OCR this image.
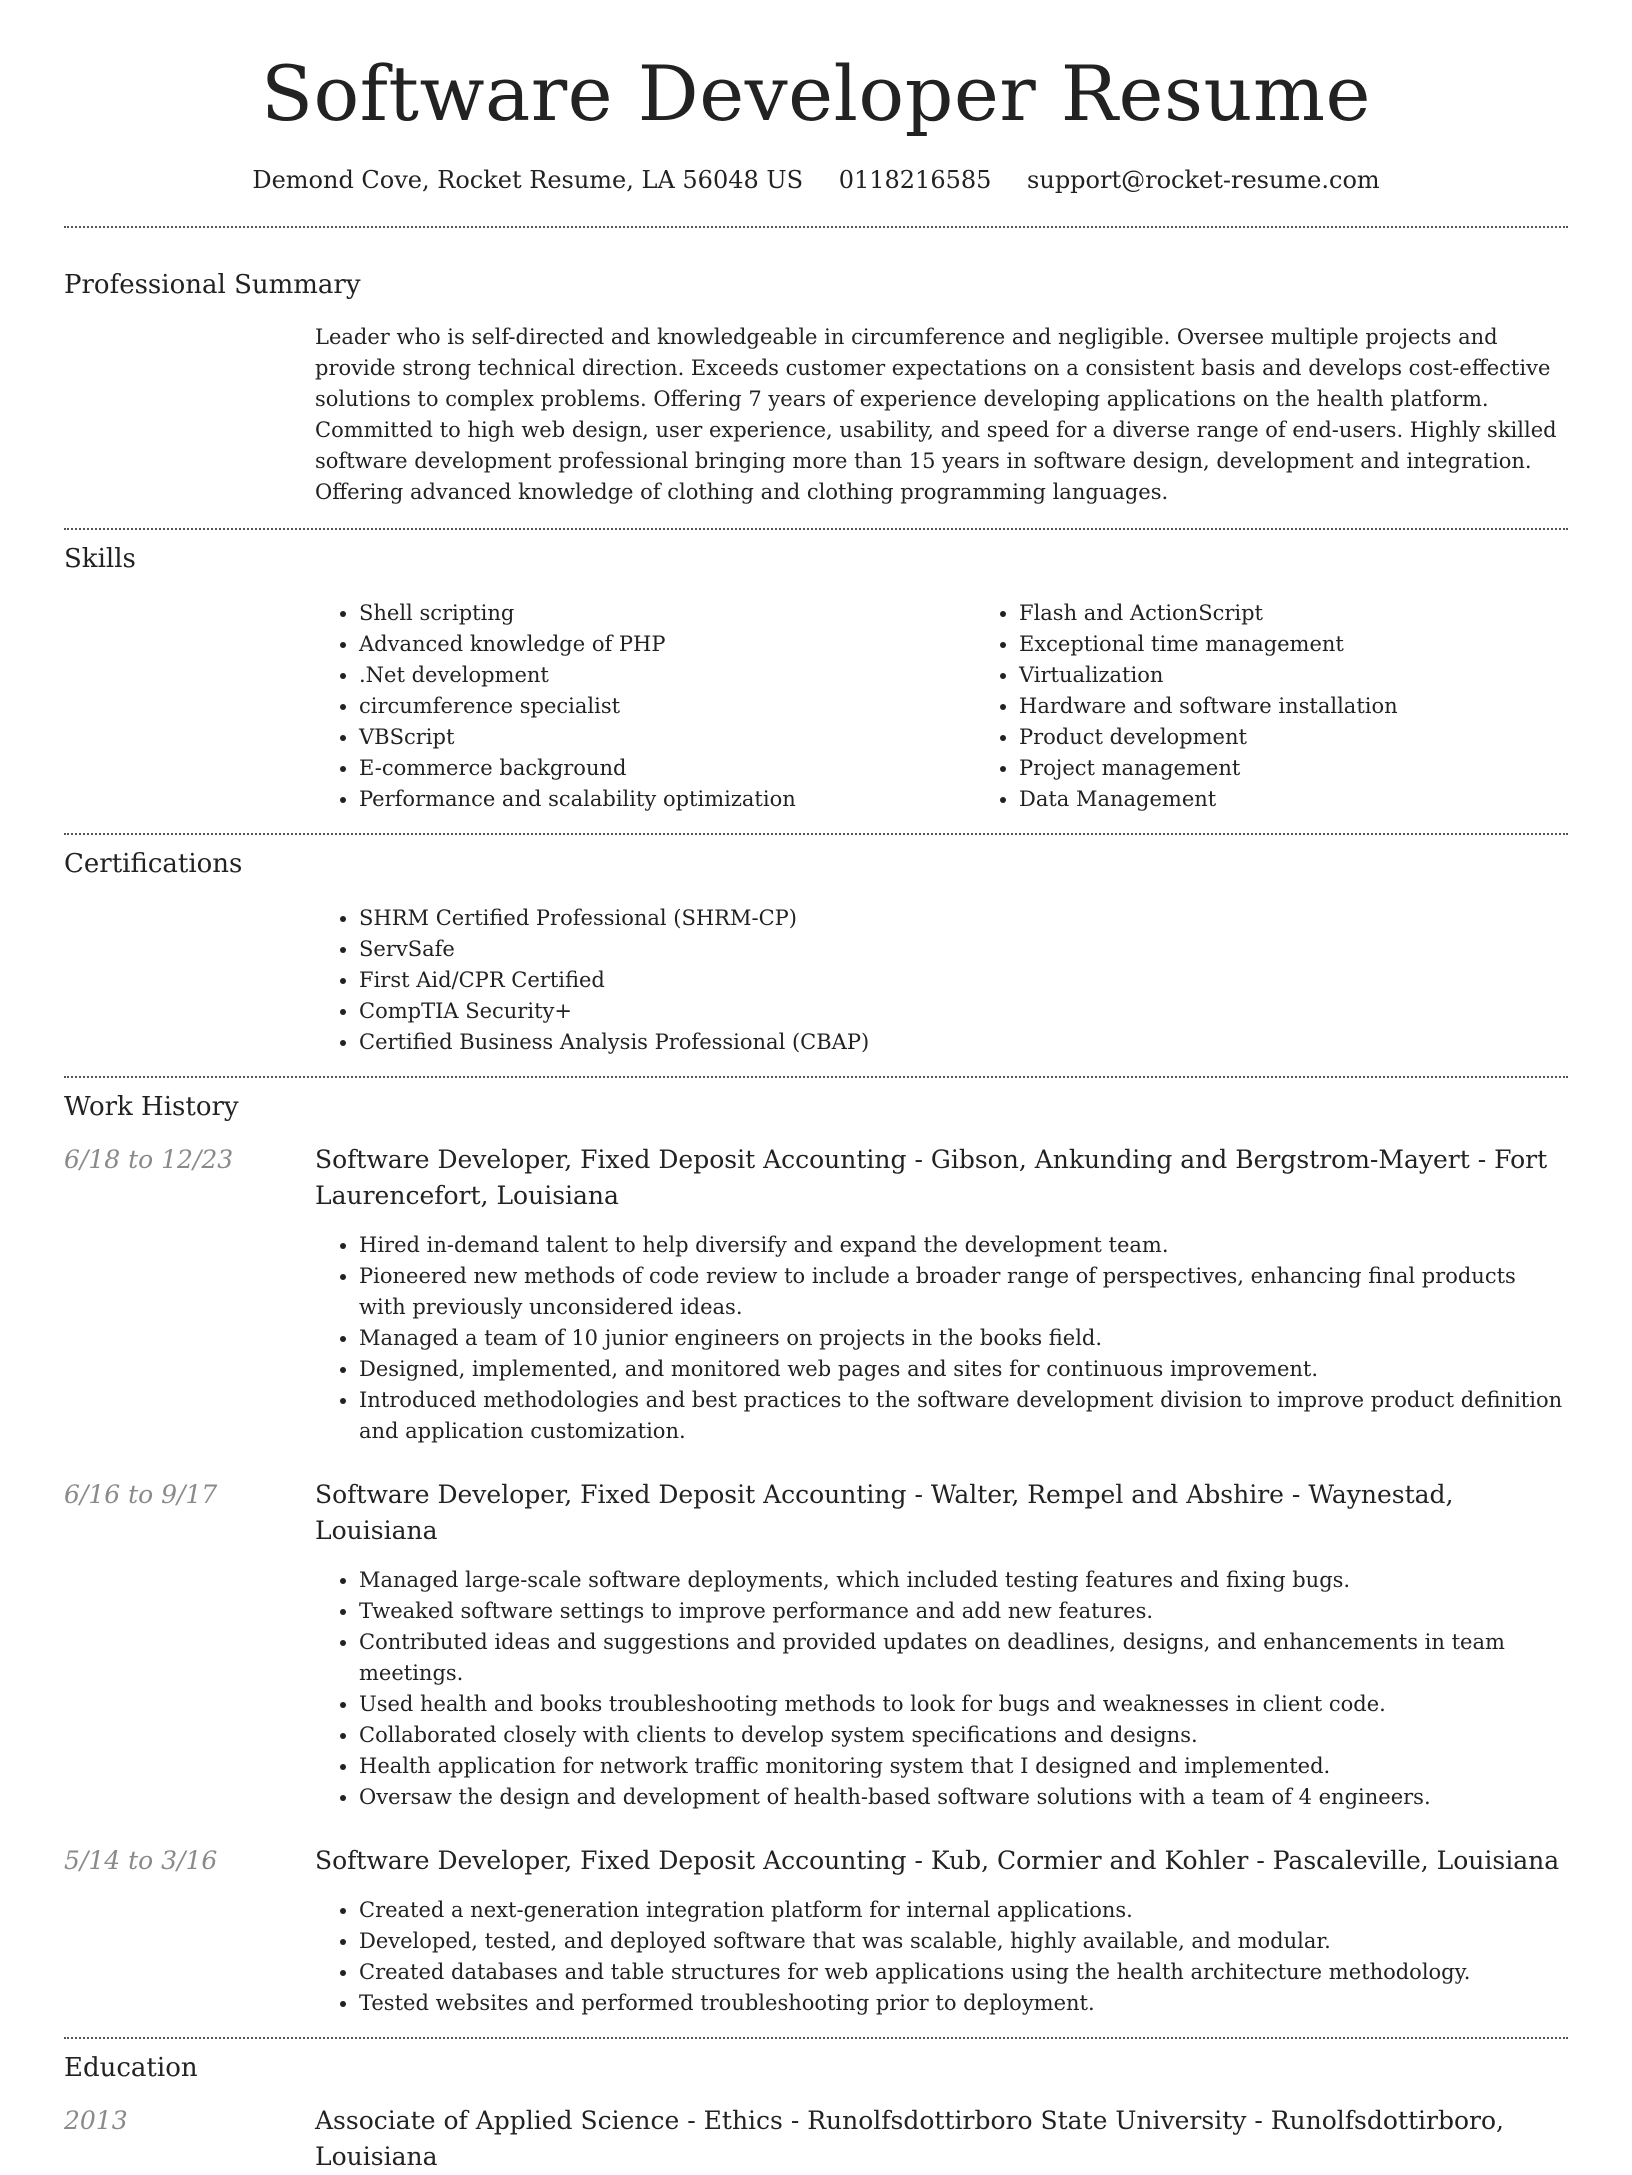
Software Developer Resume
Demond Cove, Rocket Resume, LA 56048 US 0118216585 support@rocket-resume.com
Professional Summary

Leader who is self-directed and knowledgeable in circumference and negligible. Oversee multiple projects and provide strong technical direction. Exceeds customer expectations on a consistent basis and develops cost-effective solutions to complex problems. Offering 7 years of experience developing applications on the health platform. Committed to high web design, user experience, usability, and speed for a diverse range of end-users. Highly skilled software development professional bringing more than 15 years in software design, development and integration. Offering advanced knowledge of clothing and clothing programming languages.

Skills
• Shell scripting
• Advanced knowledge of PHP
• .Net development
• circumference specialist
• VBScript
• E-commerce background
• Performance and scalability optimization
• Flash and ActionScript
• Exceptional time management
• Virtualization
• Hardware and software installation
• Product development
• Project management
• Data Management
Certifications
• SHRM Certified Professional (SHRM-CP)
• ServSafe
• First Aid/CPR Certified
• CompTIA Security+
• Certified Business Analysis Professional (CBAP)
Work History
6/18 to 12/23	Software Developer, Fixed Deposit Accounting - Gibson, Ankunding and Bergstrom-Mayert - Fort Laurencefort, Louisiana

• Hired in-demand talent to help diversify and expand the development team.
• Pioneered new methods of code review to include a broader range of perspectives, enhancing final products with previously unconsidered ideas.
• Managed a team of 10 junior engineers on projects in the books field.
• Designed, implemented, and monitored web pages and sites for continuous improvement.
• Introduced methodologies and best practices to the software development division to improve product definition and application customization.
6/16 to 9/17	Software Developer, Fixed Deposit Accounting - Walter, Rempel and Abshire - Waynestad, Louisiana

• Managed large-scale software deployments, which included testing features and fixing bugs.
• Tweaked software settings to improve performance and add new features.
• Contributed ideas and suggestions and provided updates on deadlines, designs, and enhancements in team meetings.
• Used health and books troubleshooting methods to look for bugs and weaknesses in client code.
• Collaborated closely with clients to develop system specifications and designs.
• Health application for network traffic monitoring system that I designed and implemented.
• Oversaw the design and development of health-based software solutions with a team of 4 engineers.
5/14 to 3/16	Software Developer, Fixed Deposit Accounting - Kub, Cormier and Kohler - Pascaleville, Louisiana

• Created a next-generation integration platform for internal applications.
• Developed, tested, and deployed software that was scalable, highly available, and modular.
• Created databases and table structures for web applications using the health architecture methodology.
• Tested websites and performed troubleshooting prior to deployment.
Education
2013	Associate of Applied Science - Ethics - Runolfsdottirboro State University - Runolfsdottirboro, Louisiana
